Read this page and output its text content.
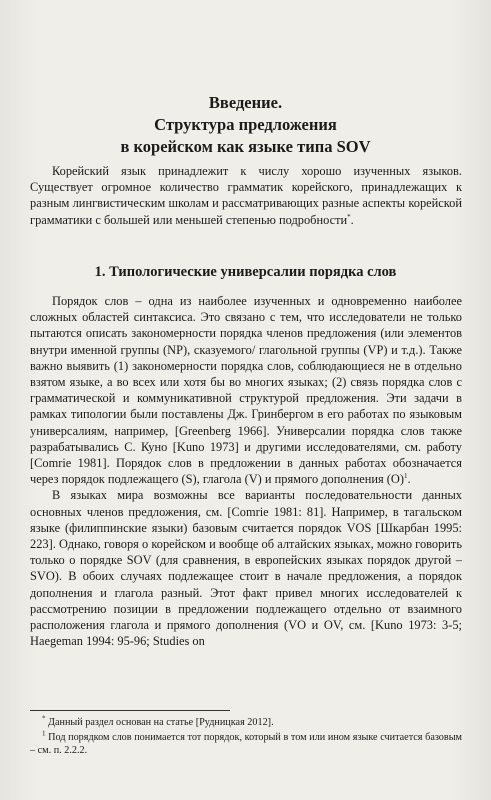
Введение.
Структура предложения
в корейском как языке типа SOV

Корейский язык принадлежит к числу хорошо изученных языков. Существует огромное количество грамматик корейского, принадлежащих к разным лингвистическим школам и рассматривающих разные аспекты корейской грамматики с большей или меньшей степенью подробности*.

1. Типологические универсалии порядка слов

Порядок слов – одна из наиболее изученных и одновременно наиболее сложных областей синтаксиса. Это связано с тем, что исследователи не только пытаются описать закономерности порядка членов предложения (или элементов внутри именной группы (NP), сказуемого/ глагольной группы (VP) и т.д.). Также важно выявить (1) закономерности порядка слов, соблюдающиеся не в отдельно взятом языке, а во всех или хотя бы во многих языках; (2) связь порядка слов с грамматической и коммуникативной структурой предложения. Эти задачи в рамках типологии были поставлены Дж. Гринбергом в его работах по языковым универсалиям, например, [Greenberg 1966]. Универсалии порядка слов также разрабатывались С. Куно [Kuno 1973] и другими исследователями, см. работу [Comrie 1981]. Порядок слов в предложении в данных работах обозначается через порядок подлежащего (S), глагола (V) и прямого дополнения $(O)^1$.

В языках мира возможны все варианты последовательности данных основных членов предложения, см. [Comrie 1981: 81]. Например, в тагальском языке (филиппинские языки) базовым считается порядок VOS [Шкарбан 1995: 223]. Однако, говоря о корейском и вообще об алтайских языках, можно говорить только о порядке SOV (для сравнения, в европейских языках порядок другой – SVO). В обоих случаях подлежащее стоит в начале предложения, а порядок дополнения и глагола разный. Этот факт привел многих исследователей к рассмотрению позиции в предложении подлежащего отдельно от взаимного расположения глагола и прямого дополнения (VO и OV, см. [Kuno 1973: 3-5; Haegeman 1994: 95-96; Studies on

* Данный раздел основан на статье [Рудницкая 2012].

$^1$ Под порядком слов понимается тот порядок, который в том или ином языке считается базовым – см. п. 2.2.2.
